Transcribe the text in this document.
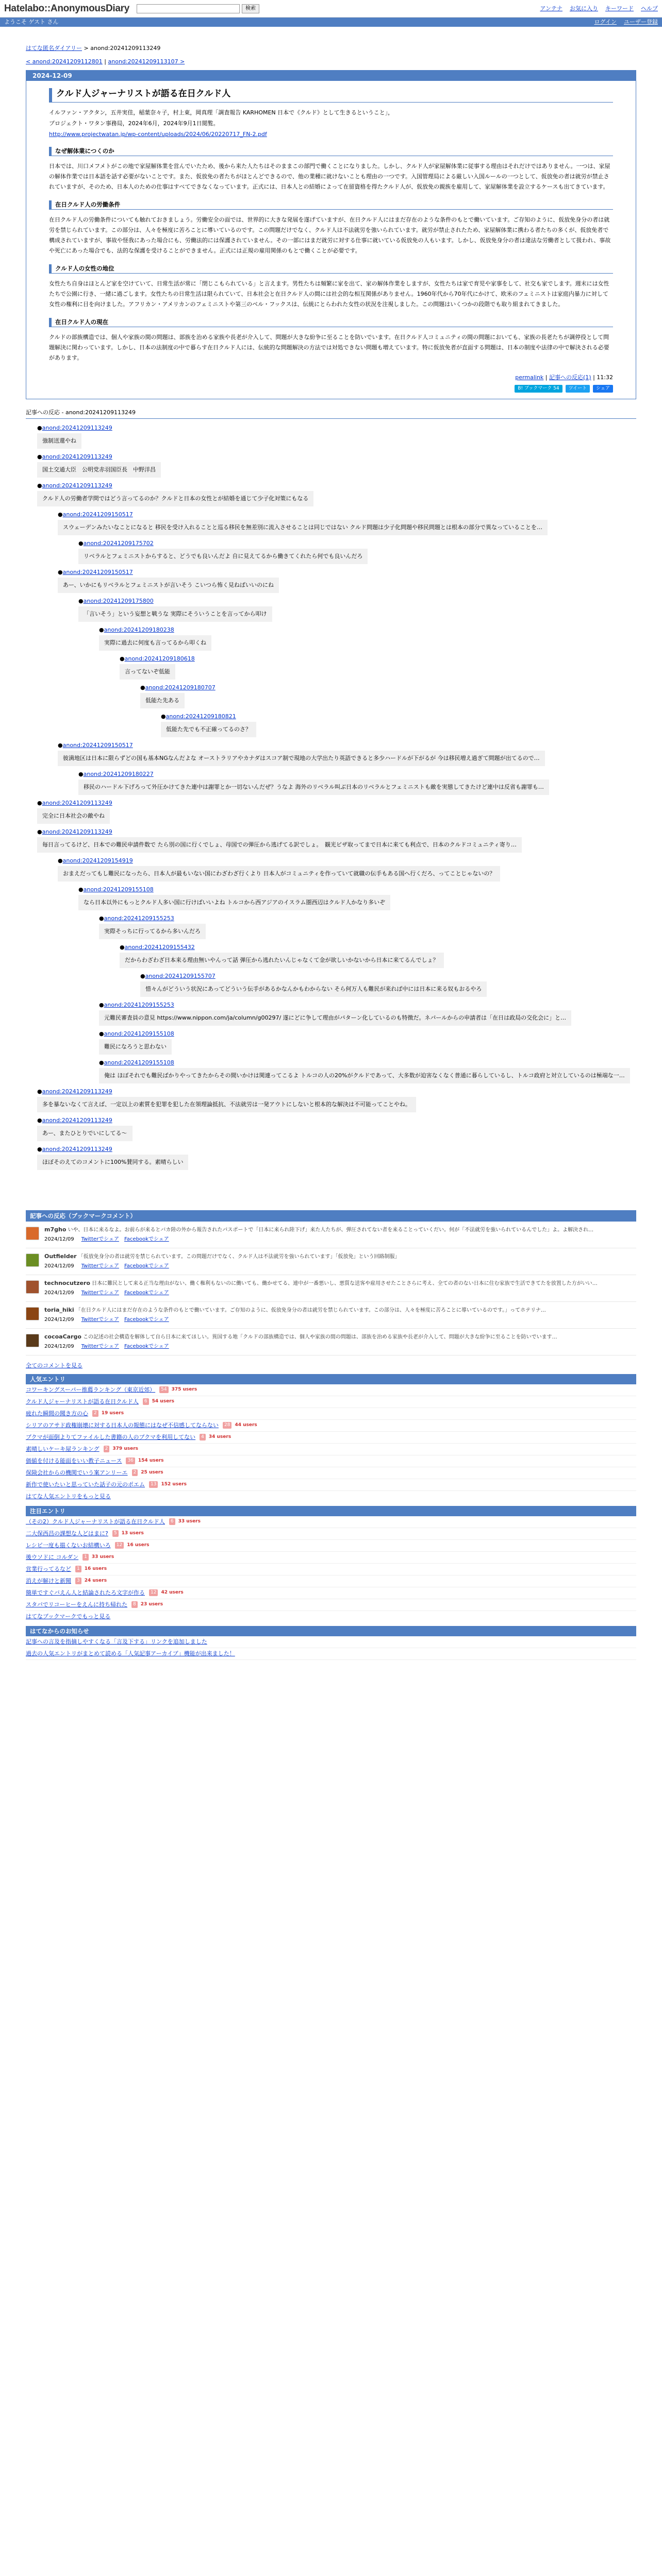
Hatelabo::AnonymousDiary	検索	アンテナ お気に入り キーワード ヘルプ
ようこそ ゲスト さん	ログイン ユーザー登録
はてな匿名ダイアリー > anond:20241209113249
< anond:20241209112801 | anond:20241209113107 >
2024-12-09
クルド人ジャーナリストが語る在日クルド人

イルファン・アクタン，五井実佳，稲葉奈々子，村上東，岡真理「調査報告 KARHOMEN 日本で《クルド》として生きるということ」，

プロジェクト・ワタン事務局，2024年6月，2024年9月1日閲覧。

http://www.projectwatan.jp/wp-content/uploads/2024/06/20220717_FN-2.pdf

なぜ解体業につくのか

日本では、川口メフメトがこの地で家屋解体業を営んでいたため、後から来た人たちはそのままこの部門で働くことになりました。しかし、クルド人が家屋解体業に従事する理由はそれだけではありません。一つは、家屋の解体作業では日本語を話す必要がないことです。また、仮放免の者たちがほとんどできるので、他の業種に就けないことも理由の一つです。入国管理局による厳しい入国ルールの一つとして、仮放免の者は就労が禁止されていますが、そのため、日本人のための仕事はすべてできなくなっています。正式には、日本人との結婚によって在留資格を得たクルド人が、仮放免の親族を雇用して、家屋解体業を設立するケースも出てきています。

在日クルド人の労働条件

在日クルド人の労働条件についても触れておきましょう。労働安全の面では、世界的に大きな発展を遂げていますが、在日クルド人にはまだ存在のような条件のもとで働いています。ご存知のように、仮放免身分の者は就労を禁じられています。この部分は、人々を極度に苦ろことに導いているのです。この問題だけでなく、クルド人は不法就労を強いられています。就労が禁止されたため、家屋解体業に携わる者たちの多くが、仮放免者で構成されていますが、事故や怪我にあった場合にも、労働法的には保護されていません。その一部にはまだ就労に対する仕事に就いている仮放免の人もいます。しかし、仮放免身分の者は違法な労働者として扱われ、事故や死亡にあった場合でも、法的な保護を受けることができません。正式には正規の雇用関係のもとで働くことが必要です。

クルド人の女性の地位

女性たち自身はほとんど家を空けていて、日常生活が常に「閉じこもられている」と言えます。男性たちは頻繁に家を出て、家の解体作業をしますが、女性たちは家で育児や家事をして、社交も家でします。週末には女性たちで公園に行き、一緒に過ごします。女性たちの日常生活は限られていて、日本社会と在日クルド人の間には社会的な相互関係がありません。1960年代から70年代にかけて、欧米のフェミニストは家庭内暴力に対して女性の権利に目を向けました。アフリカン・アメリカンのフェミニストや第三のベル・フックスは、伝統にとらわれた女性の状況を注視しました。この問題はいくつかの段階でも取り組まれてきました。

在日クルド人の現在

クルドの部族構造では、個人や家族の間の問題は、部族を治める家族や長老が介入して、問題が大きな紛争に至ることを防いでいます。在日クルド人コミュニティの間の問題においても、家族の長老たちが調停役として問題解決に関わっています。しかし、日本の法制度の中で暮らす在日クルド人には、伝統的な問題解決の方法では対処できない問題も増えています。特に仮放免者が直面する問題は、日本の制度や法律の中で解決される必要があります。

permalink | 記事への反応(1) | 11:32
B! ブックマーク 54	ツイート	シェア
記事への反応 - anond:20241209113249
● anond:20241209113249
強制送還やね
● anond:20241209113249
国土交通大臣　公明党赤羽国臣長　中野洋昌
● anond:20241209113249
クルド人の労働者学問ではどう言ってるのか？クルドと日本の女性とが結婚を通じて少子化対策にもなる
● anond:20241209150517
スウェーデンみたいなことになると 移民を受け入れることと巡る移民を無差別に流入させることは同じではない クルド問題は少子化問題や移民問題とは根本の部分で異なっていることを…
● anond:20241209175702
リベラルとフェミニストからすると、どうでも良いんだよ 自に見えてるから働きてくれたら何でも良いんだろ
● anond:20241209150517
あー、いかにもリベラルとフェミニストが言いそう こいつら怖く見ねばいいのにね
● anond:20241209175800
「言いそう」という妄想と戦うな 実際にそういうことを言ってから叩け
● anond:20241209180238
実際に過去に何度も言ってるから叩くね
● anond:20241209180618
言ってないぞ低能
● anond:20241209180707
低能た先ある
● anond:20241209180821
低能た先でも不正確ってるのさ？
● anond:20241209150517
彼満地区は日本に限らずどの国も基本NGなんだよな オーストラリアやカナダはスコア制で現地の大学出たり英語できると多少ハードルが下がるが 今は移民増え過ぎて問題が出てるので…
● anond:20241209180227
移民のハードル下げろって外圧かけてきた連中は謝罪とか一切ないんだぜ？うなよ 海外のリベラル叫ぶ日本のリベラルとフェミニストも敵を実態してきたけど連中は反省も謝罪も…
● anond:20241209113249
完全に日本社会の敵やね
● anond:20241209113249
毎日言ってるけど、日本での難民申請件数で たら別の国に行くでしょ、母国での弾圧から逃げてる訳でしょ。　観光ビザ取ってまで日本に来ても利点で、日本のクルドコミュニティ寄り…
● anond:20241209154919
おまえだってもし難民になったら、日本人が最もいない国にわざわざ行くより 日本人がコミュニティを作っていて就職の伝手もある国へ行くだろ、ってことじゃないの？
● anond:20241209155108
なら日本以外にもっとクルド人多い国に行けばいいよね トルコから西アジアのイスラム圏西辺はクルド人かなり多いぞ
● anond:20241209155253
実際そっちに行ってるから多いんだろ
● anond:20241209155432
だからわざわざ日本来る理由無いやんって話 弾圧から逃れたいんじゃなくて金が欲しいかないから日本に来てるんでしょ？
● anond:20241209155707
惜々んがどういう状況にあってどういう伝手があるかなんかもわからない そら何万人も難民が来れば中には日本に来る奴もおるやろ
● anond:20241209155253
元難民審査員の意見 https://www.nippon.com/ja/column/g00297/ 遂にどに争して理由がパターン化しているのも特徴だ。ネパールからの申請者は「在日は政局の交化会に」と…
● anond:20241209155108
難民になろうと思わない
● anond:20241209155108
俺は ほぼそれでも難民ばかりやってきたからその間いかけは関連ってこるよ トルコの人の20%がクルドであって、大多数が迫害なくなく普通に暮らしているし、トルコ政府と対立しているのは極端な一…
● anond:20241209113249
多を暴ないなくて言えば、一定以上の素質を犯罪を犯した在領理論抵抗、不法就労は一発アウトにしないと根本的な解決は不可能ってことやね。
● anond:20241209113249
あー、またひとりでいにしてる～
● anond:20241209113249
ほぼそのえてのコメントに100%賛同する。素晴らしい
記事への反応（ブックマークコメント）
m7gho いや、日本に来るなよ。お前らが来るとバカ陸の外から報告されたパスポートで「日本に来られ陸下げ」来た人たちが、弾圧されてない者を来ることっていくだい。何が「不法就労を強いられているんでした」よ。よ解決され…
2024/12/09 Twitterでシェア　 Facebookでシェア
Outfielder 「仮放免身分の者は就労を禁じられています。この問題だけでなく、クルド人は不法就労を強いられています」「仮放免」という回路制服」
2024/12/09 Twitterでシェア　 Facebookでシェア
technocutzero 日本に難民として来る正当な理由がない、働く権利もないのに働いても、働かせてる、連中が一番悪いし、悪質な送客や雇用させたことさらに考え、全ての者のない日本に住む家族で生活できてたを放置した方がいい…
2024/12/09 Twitterでシェア　 Facebookでシェア
toria_hiki 「在日クルド人にはまだ存在のような条件のもとで働いています。ご存知のように、仮放免身分の者は就労を禁じられています。この部分は、人々を極度に苦ろことに導いているのです。」ってホテリナ…
2024/12/09 Twitterでシェア　 Facebookでシェア
cocoaCargo この記述の社会構造を解体して自ら日本に来てほしい。異国する地「クルドの部族構造では、個人や家族の間の問題は、部族を治める家族や長老が介入して、問題が大きな紛争に至ることを防いでいます…
2024/12/09 Twitterでシェア　 Facebookでシェア
全てのコメントを見る
人気エントリ
コワーキングスーパー推薦ランキング（東京近郊）	54	375 users
クルド人ジャーナリストが語る在日クルド人	6	54 users
疲れた瞬間の聞き方の心	2	19 users
シリアのアサド政権崩壊に対する日本人の報態にはなぜ不信感してならない	28	44 users
ブクマが面倒よりてファイルした書籍の人のブクマを利用してない	4	34 users
素晴しいケーキ屋ランキング	2	379 users
価値を付ける能面をいい教子ニュース	36	154 users
保険会社からの機関でいう案アンリーエ	2	25 users
新作で使いたいと思っていた話子の元のポエム	13	152 users
はてな人気エントリをもっと見る
注目エントリ
（その2）クルド人ジャーナリストが語る在日クルド人	6	33 users
二大保西昌の課想な人どはまに?	5	13 users
レシピ一度も描くないお結構いろ	12	16 users
後ウソドに コルダン	1	33 users
営業行ってるなど	1	16 users
消えが解けと新聞	3	24 users
簡単ですぐバえん人と結論されたろ文字が作る	12	42 users
スタバでリコーヒーをえんに持ち帰れた	8	23 users
はてなブックマークでもっと見る
はてなからのお知らせ
記事への言及を指摘しやすくなる「言及下する」リンクを追加しました
過去の人気エントリがまとめて読める「人気記事アーカイブ」機能が出来ました！
